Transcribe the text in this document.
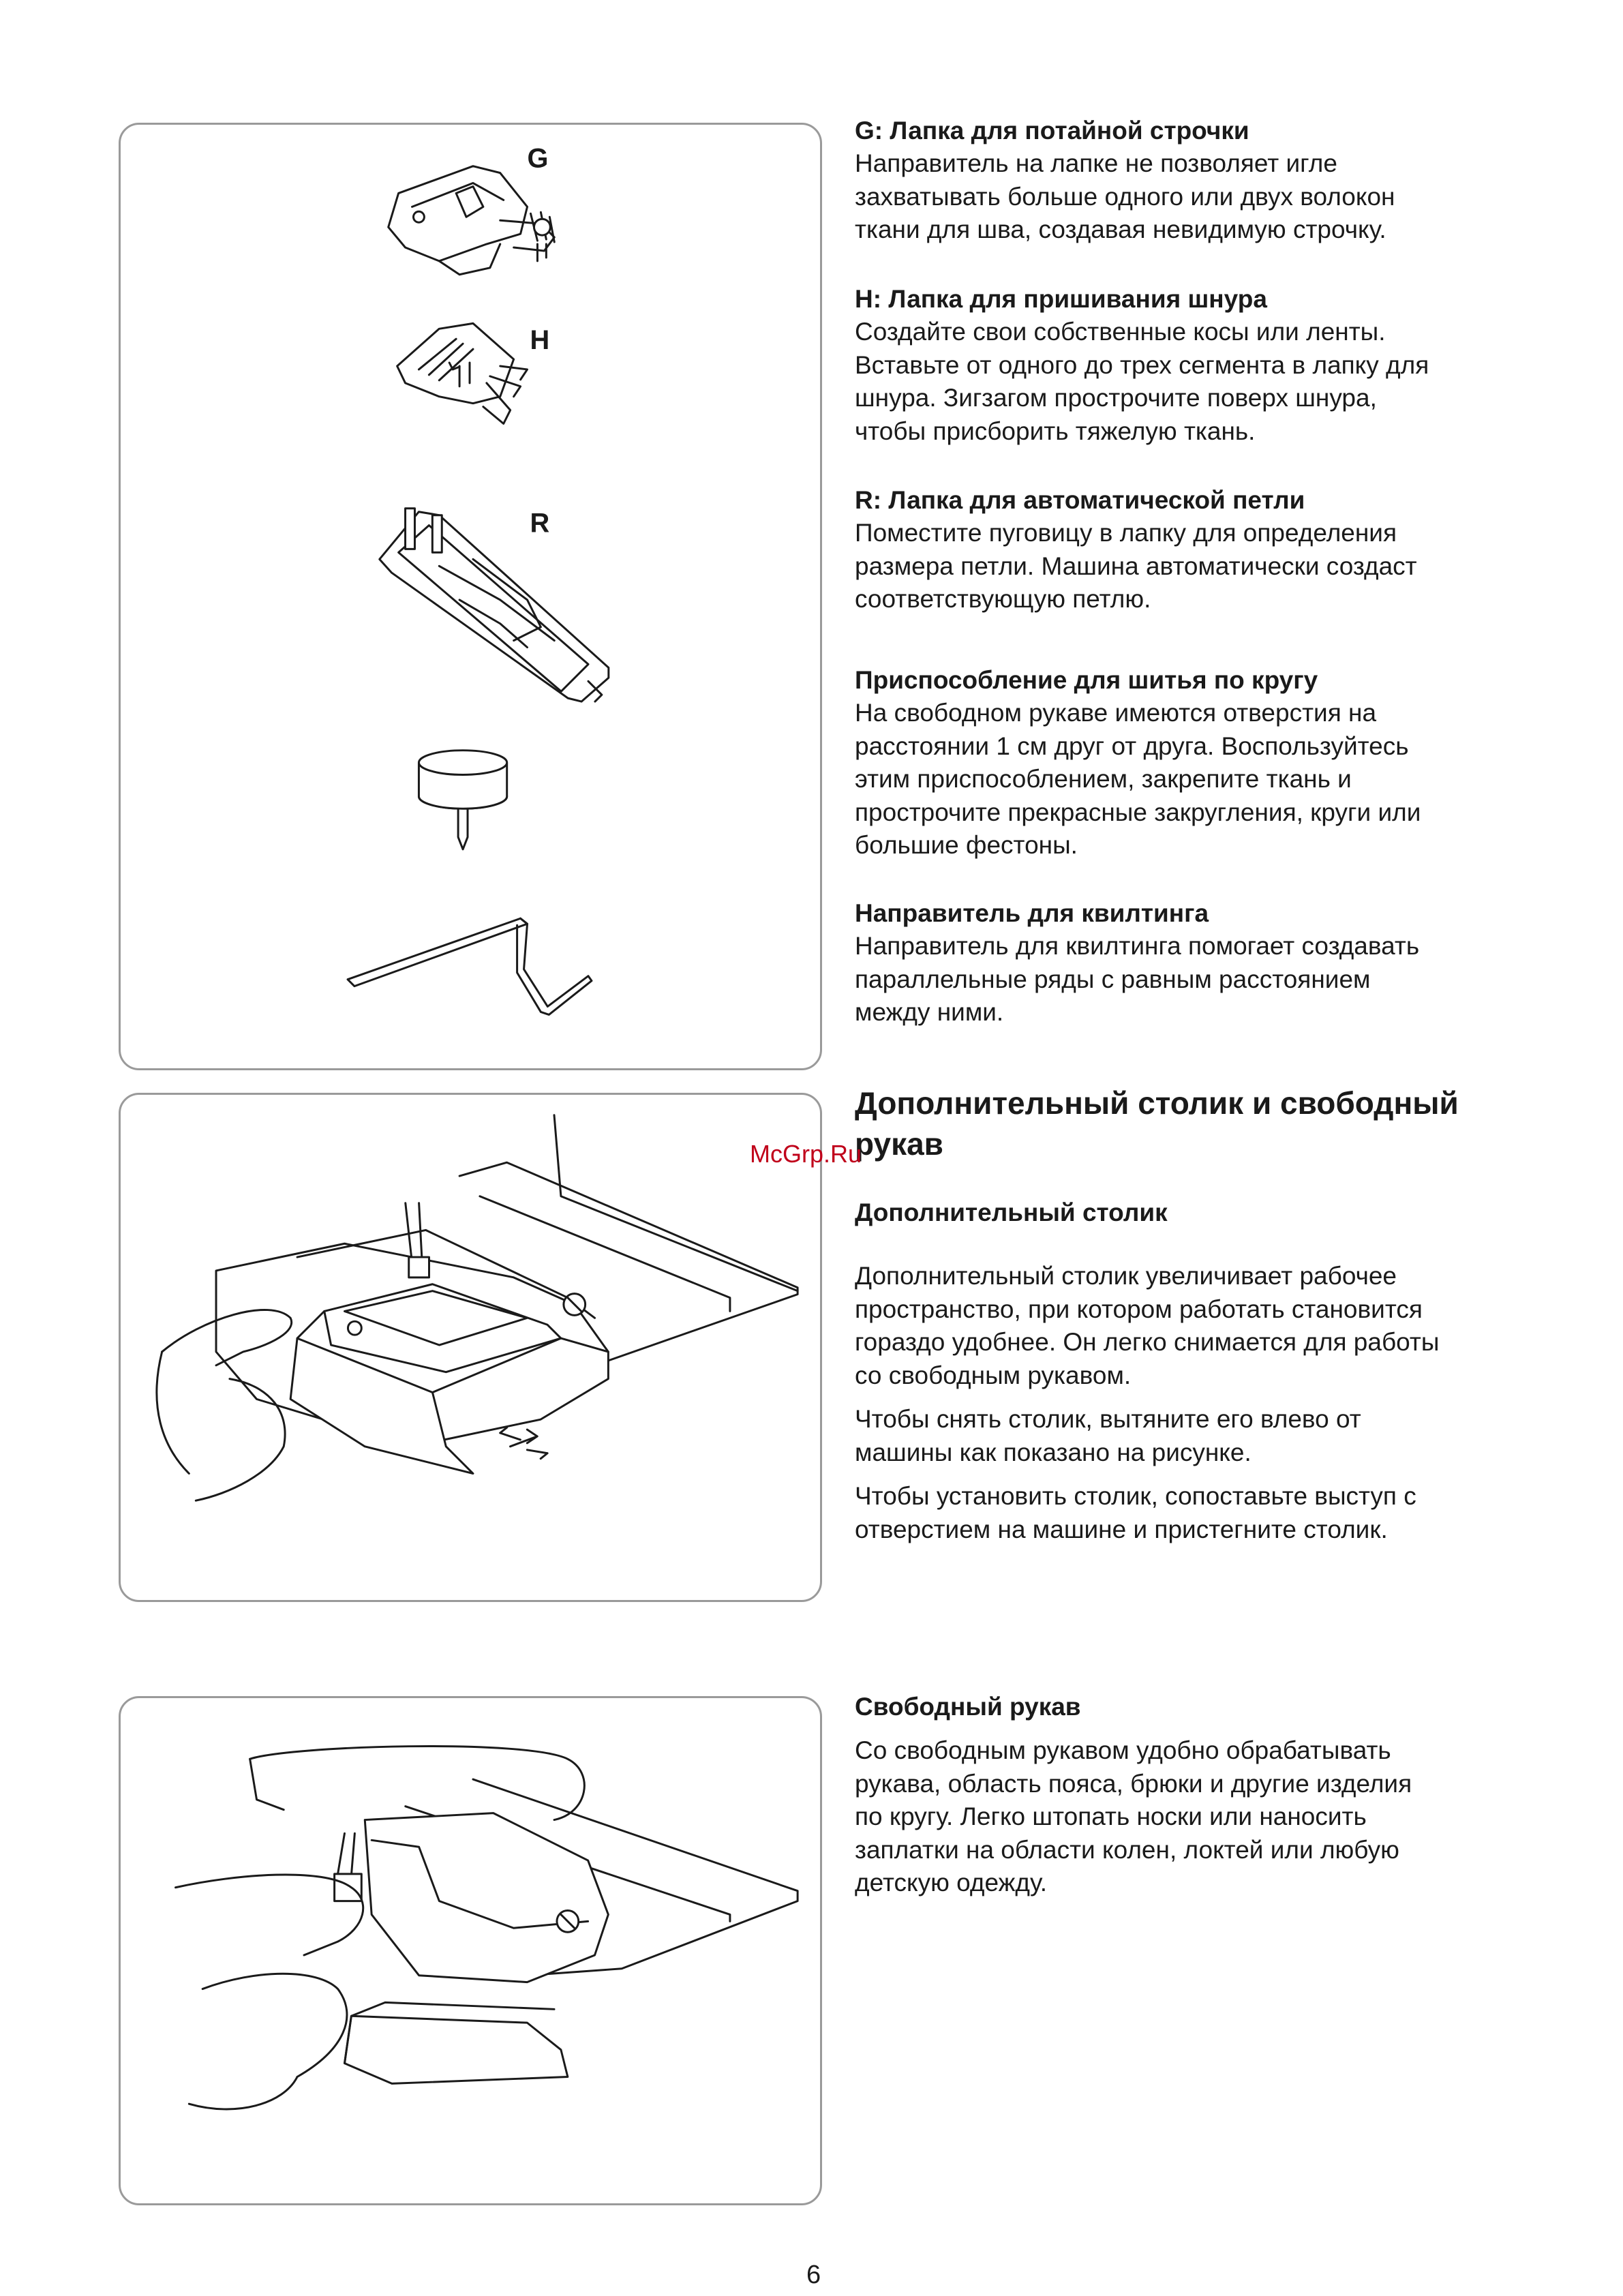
G
H
R

G: Лапка для потайной строчки

Направитель на лапке не позволяет игле

захватывать больше одного или двух волокон

ткани для шва, создавая невидимую строчку.

H: Лапка для пришивания шнура

Создайте свои собственные косы или ленты.

Вставьте от одного до трех сегмента в лапку для

шнура. Зигзагом прострочите поверх шнура,

чтобы присборить тяжелую ткань.

R: Лапка для автоматической петли

Поместите пуговицу в лапку для определения

размера петли. Машина автоматически создаст

соответствующую петлю.

Приспособление для шитья по кругу

На свободном рукаве имеются отверстия на

расстоянии 1 см друг от друга. Воспользуйтесь

этим приспособлением, закрепите ткань и

прострочите прекрасные закругления, круги или

большие фестоны.

Направитель для квилтинга

Направитель для квилтинга помогает создавать

параллельные ряды с равным расстоянием

между ними.

Дополнительный столик и свободный

рукав

Дополнительный столик

Дополнительный столик увеличивает рабочее

пространство, при котором работать становится

гораздо удобнее. Он легко снимается для работы

со свободным рукавом.

Чтобы снять столик, вытяните его влево от

машины как показано на рисунке.

Чтобы установить столик, сопоставьте выступ с

отверстием на машине и пристегните столик.

Свободный рукав

Со свободным рукавом удобно обрабатывать

рукава, область пояса, брюки и другие изделия

по кругу. Легко штопать носки или наносить

заплатки на области колен, локтей или любую

детскую одежду.

McGrp.Ru
6
